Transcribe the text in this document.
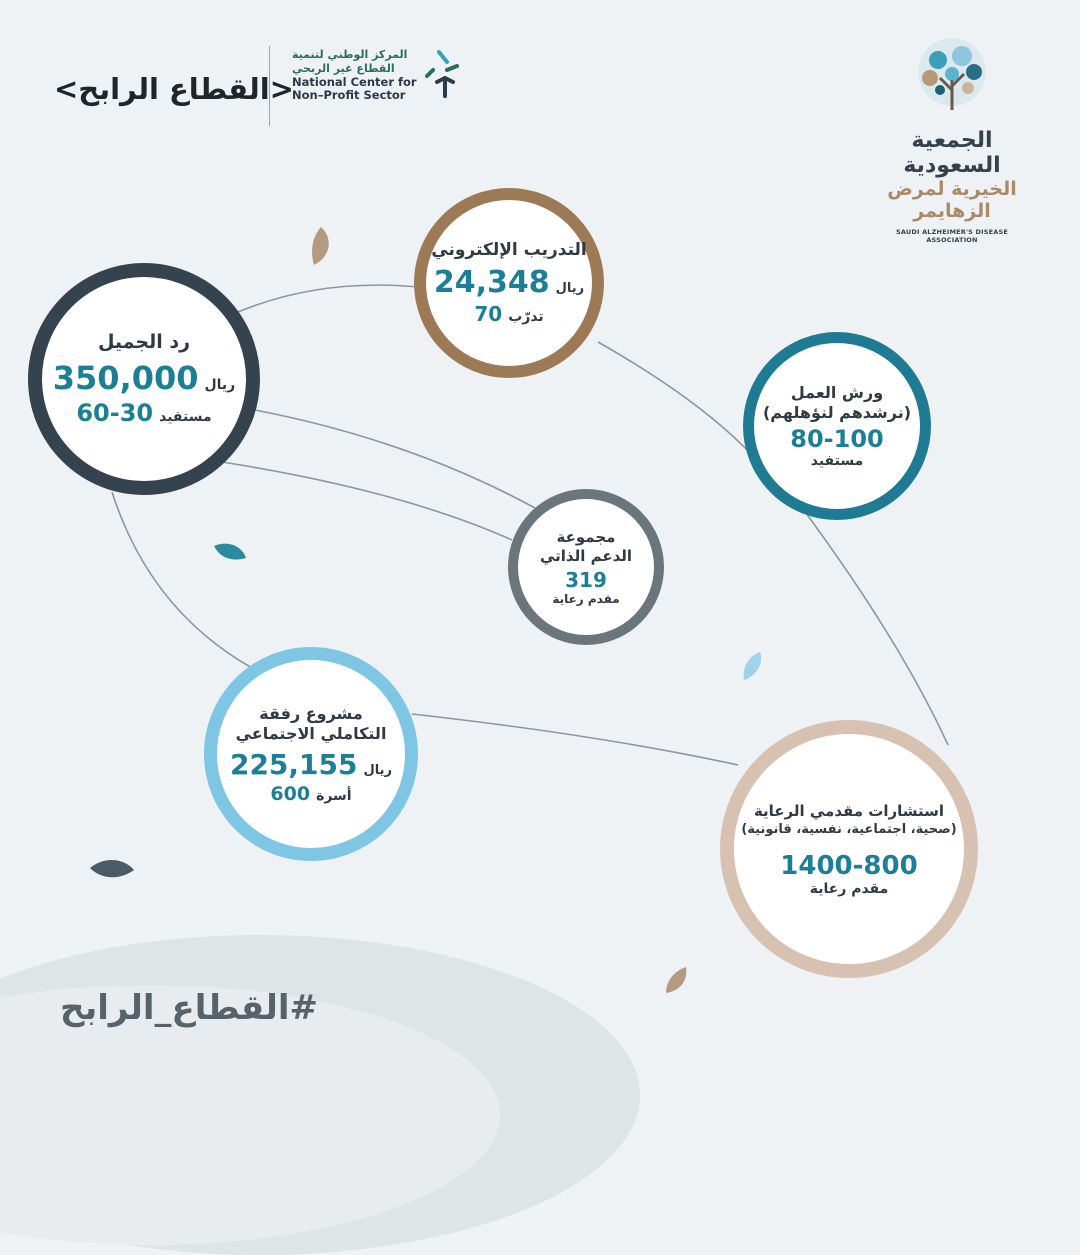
الجمعية السعودية
الخيرية لمرض الزهايمر
SAUDI ALZHEIMER'S DISEASE ASSOCIATION
المركز الوطني لتنمية
القطاع غير الربحي
National Center for
Non–Profit Sector
<القطاع الرابح>
رد الجميل
ريال
350,000
مستفيد
60-30
التدريب الإلكتروني
ريال
24,348
تدرّب
70
ورش العمل
(نرشدهم لنؤهلهم)
80-100
مستفيد
مجموعة
الدعم الذاتي
319
مقدم رعاية
مشروع رفقة
التكاملي الاجتماعي
ريال
225,155
أسرة
600
استشارات مقدمي الرعاية
(صحية، اجتماعية، نفسية، قانونية)
1400-800
مقدم رعاية
#القطاع_الرابح
